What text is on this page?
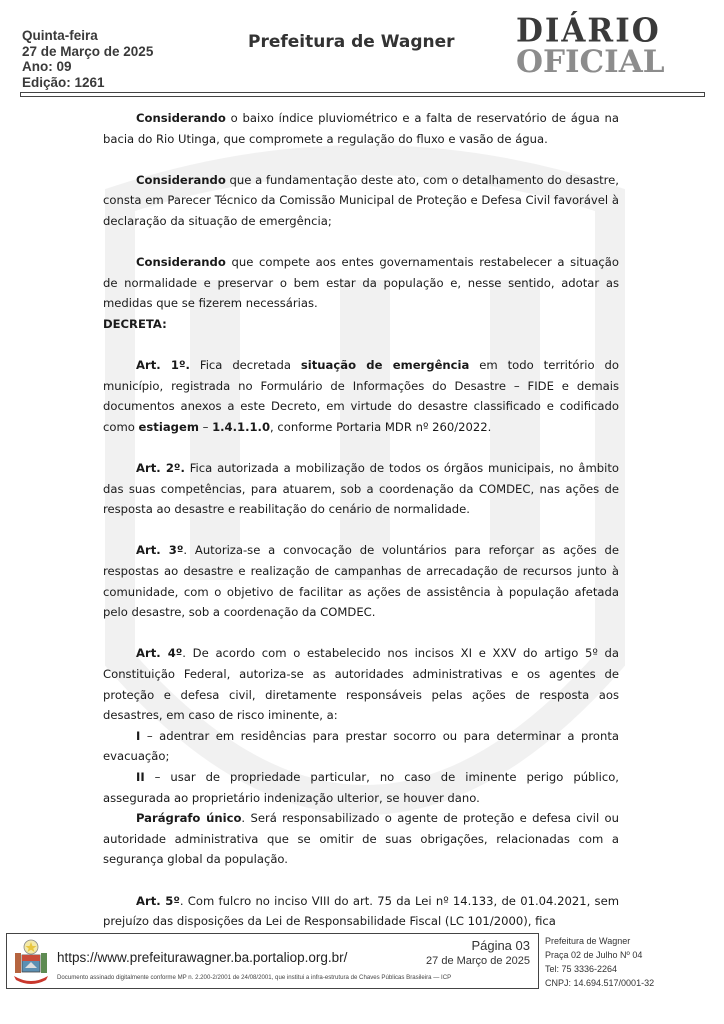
Quinta-feira
27 de Março de 2025
Ano: 09
Edição: 1261
Prefeitura de Wagner DIÁRIO
OFICIAL

Considerando o baixo índice pluviométrico e a falta de reservatório de água na bacia do Rio Utinga, que compromete a regulação do fluxo e vasão de água.

Considerando que a fundamentação deste ato, com o detalhamento do desastre, consta em Parecer Técnico da Comissão Municipal de Proteção e Defesa Civil favorável à declaração da situação de emergência;

Considerando que compete aos entes governamentais restabelecer a situação de normalidade e preservar o bem estar da população e, nesse sentido, adotar as medidas que se fizerem necessárias.

DECRETA:

Art. 1º. Fica decretada situação de emergência em todo território do município, registrada no Formulário de Informações do Desastre – FIDE e demais documentos anexos a este Decreto, em virtude do desastre classificado e codificado como estiagem – 1.4.1.1.0, conforme Portaria MDR nº 260/2022.

Art. 2º. Fica autorizada a mobilização de todos os órgãos municipais, no âmbito das suas competências, para atuarem, sob a coordenação da COMDEC, nas ações de resposta ao desastre e reabilitação do cenário de normalidade.

Art. 3º. Autoriza-se a convocação de voluntários para reforçar as ações de respostas ao desastre e realização de campanhas de arrecadação de recursos junto à comunidade, com o objetivo de facilitar as ações de assistência à população afetada pelo desastre, sob a coordenação da COMDEC.

Art. 4º. De acordo com o estabelecido nos incisos XI e XXV do artigo 5º da Constituição Federal, autoriza-se as autoridades administrativas e os agentes de proteção e defesa civil, diretamente responsáveis pelas ações de resposta aos desastres, em caso de risco iminente, a:

I – adentrar em residências para prestar socorro ou para determinar a pronta evacuação;

II – usar de propriedade particular, no caso de iminente perigo público, assegurada ao proprietário indenização ulterior, se houver dano.

Parágrafo único. Será responsabilizado o agente de proteção e defesa civil ou autoridade administrativa que se omitir de suas obrigações, relacionadas com a segurança global da população.

Art. 5º. Com fulcro no inciso VIII do art. 75 da Lei nº 14.133, de 01.04.2021, sem prejuízo das disposições da Lei de Responsabilidade Fiscal (LC 101/2000), fica

https://www.prefeiturawagner.ba.portaliop.org.br/
Documento assinado digitalmente conforme MP n. 2.200-2/2001 de 24/08/2001, que institui a infra-estrutura de Chaves Públicas Brasileira — ICP
Página 03
27 de Março de 2025
Prefeitura de Wagner
Praça 02 de Julho Nº 04
Tel: 75 3336-2264
CNPJ: 14.694.517/0001-32
